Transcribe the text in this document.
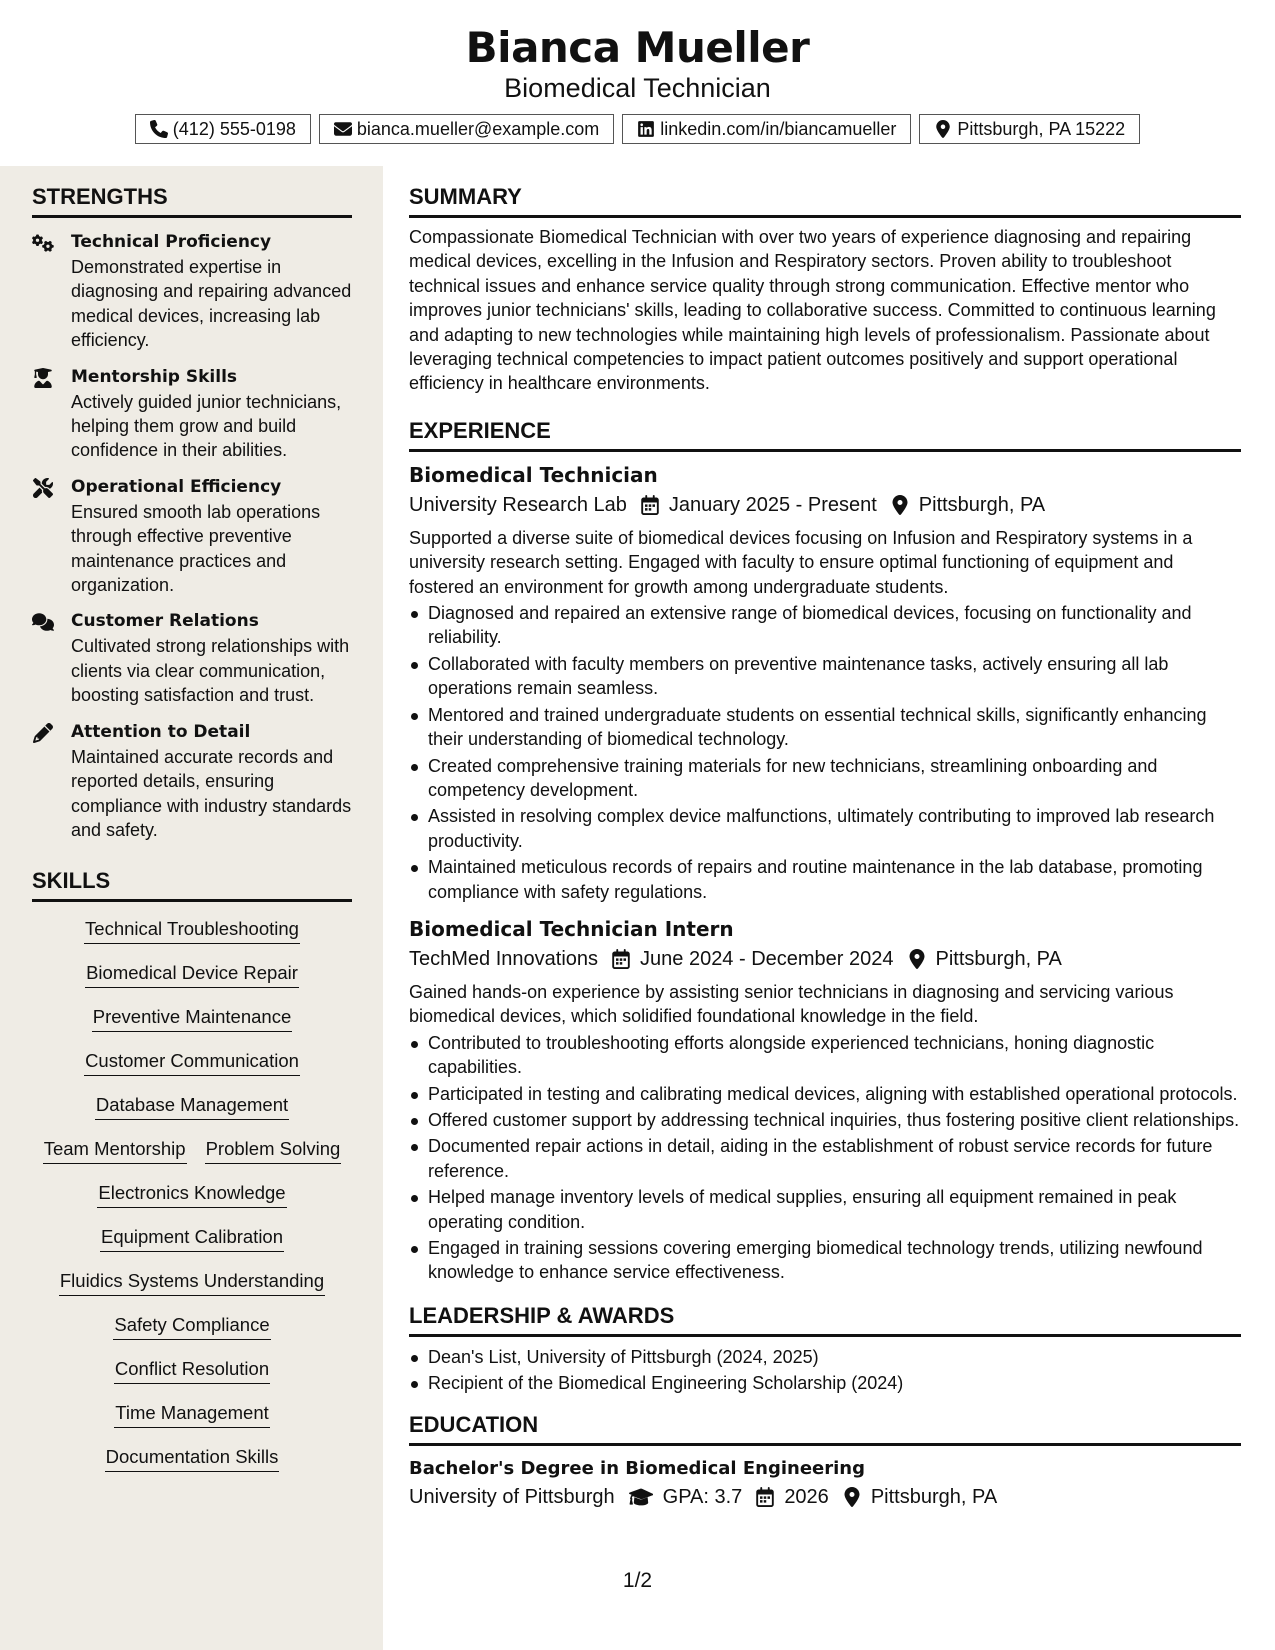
Bianca Mueller
Biomedical Technician
(412) 555-0198	bianca.mueller@example.com	linkedin.com/in/biancamueller	Pittsburgh, PA 15222
STRENGTHS
Technical Proficiency
Demonstrated expertise in diagnosing and repairing advanced medical devices, increasing lab efficiency.
Mentorship Skills
Actively guided junior technicians, helping them grow and build confidence in their abilities.
Operational Efficiency
Ensured smooth lab operations through effective preventive maintenance practices and organization.
Customer Relations
Cultivated strong relationships with clients via clear communication, boosting satisfaction and trust.
Attention to Detail
Maintained accurate records and reported details, ensuring compliance with industry standards and safety.
SKILLS
Technical Troubleshooting
Biomedical Device Repair
Preventive Maintenance
Customer Communication
Database Management
Team Mentorship Problem Solving
Electronics Knowledge
Equipment Calibration
Fluidics Systems Understanding
Safety Compliance
Conflict Resolution
Time Management
Documentation Skills
SUMMARY
Compassionate Biomedical Technician with over two years of experience diagnosing and repairing medical devices, excelling in the Infusion and Respiratory sectors. Proven ability to troubleshoot technical issues and enhance service quality through strong communication. Effective mentor who improves junior technicians' skills, leading to collaborative success. Committed to continuous learning and adapting to new technologies while maintaining high levels of professionalism. Passionate about leveraging technical competencies to impact patient outcomes positively and support operational efficiency in healthcare environments.
EXPERIENCE
Biomedical Technician
University Research Lab January 2025 - Present Pittsburgh, PA
Supported a diverse suite of biomedical devices focusing on Infusion and Respiratory systems in a university research setting. Engaged with faculty to ensure optimal functioning of equipment and fostered an environment for growth among undergraduate students.
Diagnosed and repaired an extensive range of biomedical devices, focusing on functionality and reliability.
Collaborated with faculty members on preventive maintenance tasks, actively ensuring all lab operations remain seamless.
Mentored and trained undergraduate students on essential technical skills, significantly enhancing their understanding of biomedical technology.
Created comprehensive training materials for new technicians, streamlining onboarding and competency development.
Assisted in resolving complex device malfunctions, ultimately contributing to improved lab research productivity.
Maintained meticulous records of repairs and routine maintenance in the lab database, promoting compliance with safety regulations.
Biomedical Technician Intern
TechMed Innovations June 2024 - December 2024 Pittsburgh, PA
Gained hands-on experience by assisting senior technicians in diagnosing and servicing various biomedical devices, which solidified foundational knowledge in the field.
Contributed to troubleshooting efforts alongside experienced technicians, honing diagnostic capabilities.
Participated in testing and calibrating medical devices, aligning with established operational protocols.
Offered customer support by addressing technical inquiries, thus fostering positive client relationships.
Documented repair actions in detail, aiding in the establishment of robust service records for future reference.
Helped manage inventory levels of medical supplies, ensuring all equipment remained in peak operating condition.
Engaged in training sessions covering emerging biomedical technology trends, utilizing newfound knowledge to enhance service effectiveness.
LEADERSHIP & AWARDS
Dean's List, University of Pittsburgh (2024, 2025)
Recipient of the Biomedical Engineering Scholarship (2024)
EDUCATION
Bachelor's Degree in Biomedical Engineering
University of Pittsburgh GPA: 3.7 2026 Pittsburgh, PA
1/2
